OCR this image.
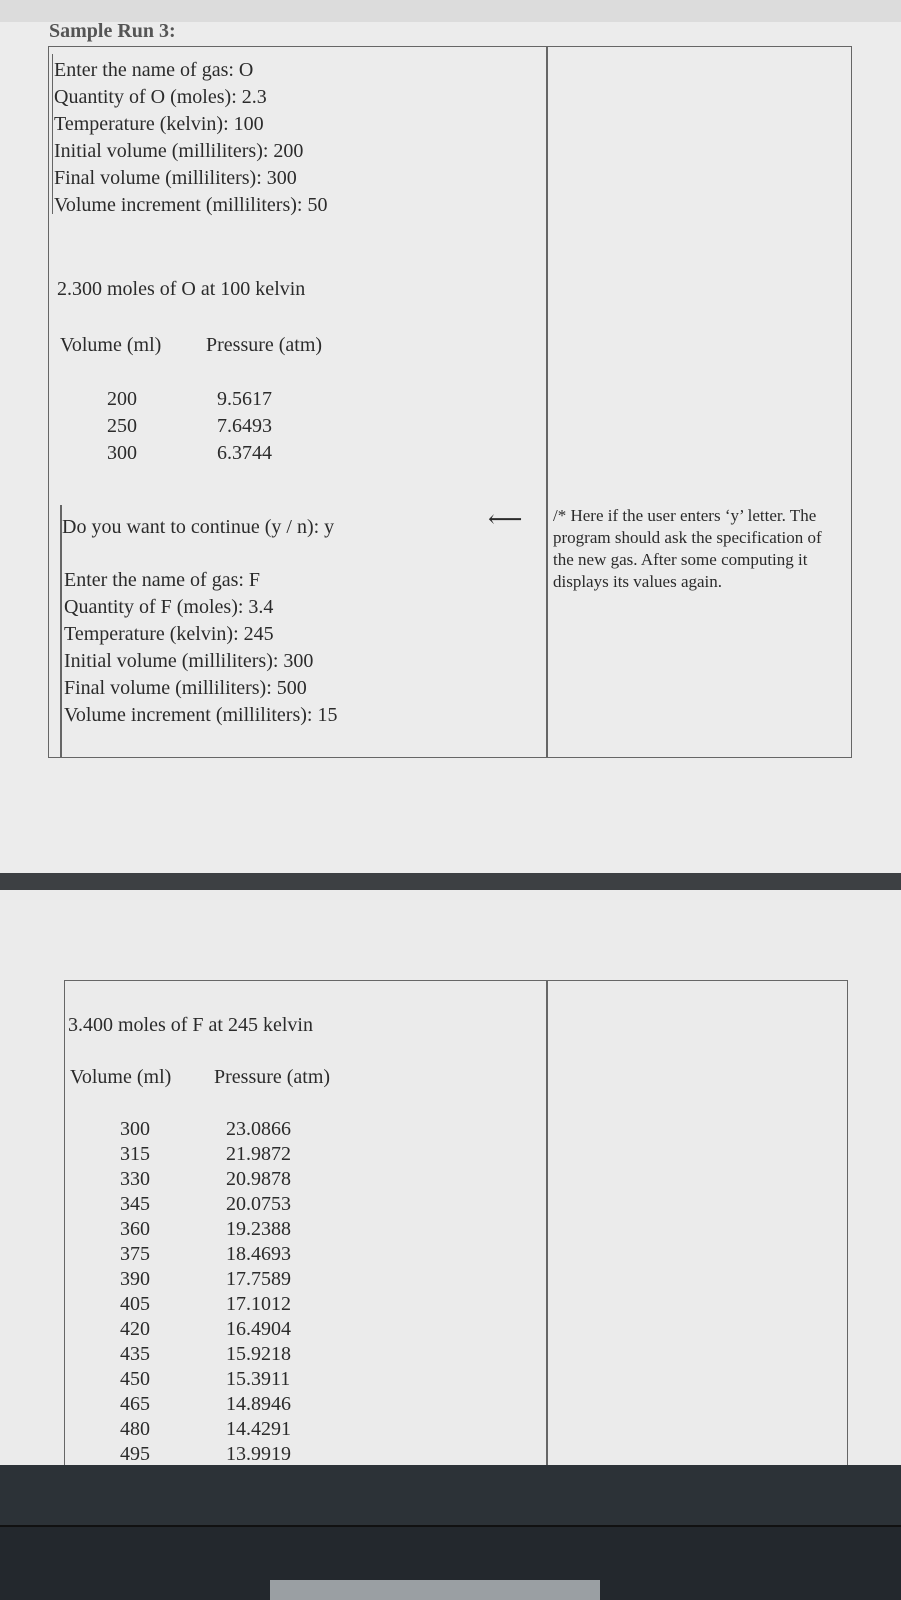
Sample Run 3:
Enter the name of gas: O
Quantity of O (moles): 2.3
Temperature (kelvin): 100
Initial volume (milliliters): 200
Final volume (milliliters): 300
Volume increment (milliliters): 50
2.300 moles of O at 100 kelvin
Volume (ml) Pressure (atm)
200	9.5617
250	7.6493
300	6.3744
Do you want to continue (y / n): y	⟵ /* Here if the user enters ‘y’ letter. The program should ask the specification of the new gas. After some computing it displays its values again.
Enter the name of gas: F
Quantity of F (moles): 3.4
Temperature (kelvin): 245
Initial volume (milliliters): 300
Final volume (milliliters): 500
Volume increment (milliliters): 15
3.400 moles of F at 245 kelvin
Volume (ml) Pressure (atm)
300	23.0866
315	21.9872
330	20.9878
345	20.0753
360	19.2388
375	18.4693
390	17.7589
405	17.1012
420	16.4904
435	15.9218
450	15.3911
465	14.8946
480	14.4291
495	13.9919
